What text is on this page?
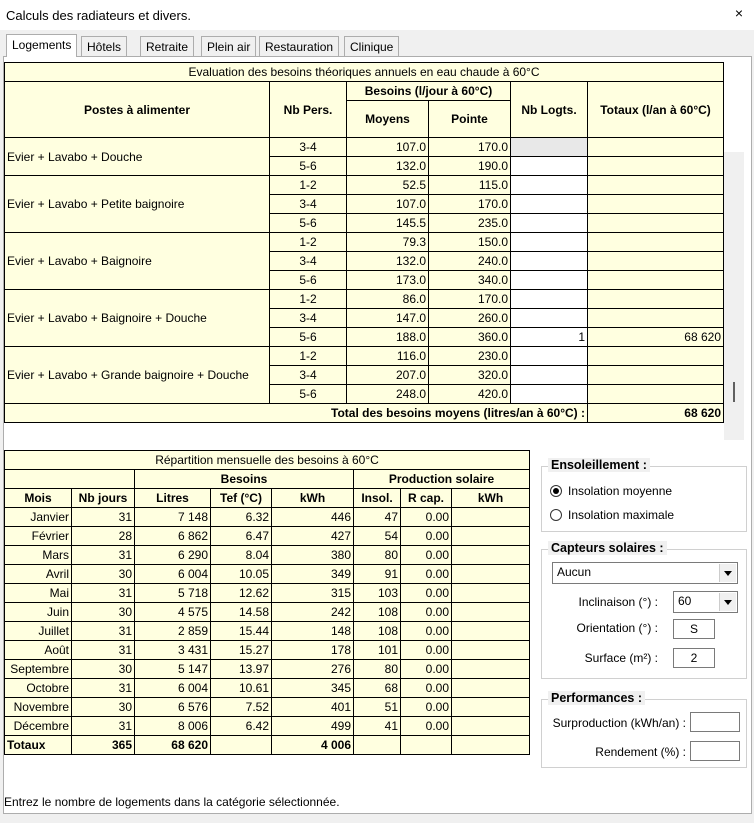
Calculs des radiateurs et divers.	×
Logements	Hôtels	Retraite	Plein air	Restauration	Clinique
Evaluation des besoins théoriques annuels en eau chaude à 60°C					
Postes à alimenter	Nb Pers.	Besoins (l/jour à 60°C)		Nb Logts.	Totaux (l/an à 60°C)
		Moyens	Pointe		
Evier + Lavabo + Douche	3-4	107.0	170.0		
	5-6	132.0	190.0		
Evier + Lavabo + Petite baignoire	1-2	52.5	115.0		
	3-4	107.0	170.0		
	5-6	145.5	235.0		
Evier + Lavabo + Baignoire	1-2	79.3	150.0		
	3-4	132.0	240.0		
	5-6	173.0	340.0		
Evier + Lavabo + Baignoire + Douche	1-2	86.0	170.0		
	3-4	147.0	260.0		
	5-6	188.0	360.0	1	68 620
Evier + Lavabo + Grande baignoire + Douche	1-2	116.0	230.0		
	3-4	207.0	320.0		
	5-6	248.0	420.0		
Total des besoins moyens (litres/an à 60°C) :					68 620
Répartition mensuelle des besoins à 60°C							
		Besoins			Production solaire		
Mois	Nb jours	Litres	Tef (°C)	kWh	Insol.	R cap.	kWh
Janvier	31	7 148	6.32	446	47	0.00	
Février	28	6 862	6.47	427	54	0.00	
Mars	31	6 290	8.04	380	80	0.00	
Avril	30	6 004	10.05	349	91	0.00	
Mai	31	5 718	12.62	315	103	0.00	
Juin	30	4 575	14.58	242	108	0.00	
Juillet	31	2 859	15.44	148	108	0.00	
Août	31	3 431	15.27	178	101	0.00	
Septembre	30	5 147	13.97	276	80	0.00	
Octobre	31	6 004	10.61	345	68	0.00	
Novembre	30	6 576	7.52	401	51	0.00	
Décembre	31	8 006	6.42	499	41	0.00	
Totaux	365	68 620		4 006			
Ensoleillement :
Insolation moyenne
Insolation maximale
Capteurs solaires :
Aucun
Inclinaison (°) :	60
Orientation (°) :	S
Surface (m²) :	2
Performances :
Surproduction (kWh/an) :
Rendement (%) :
Entrez le nombre de logements dans la catégorie sélectionnée.
